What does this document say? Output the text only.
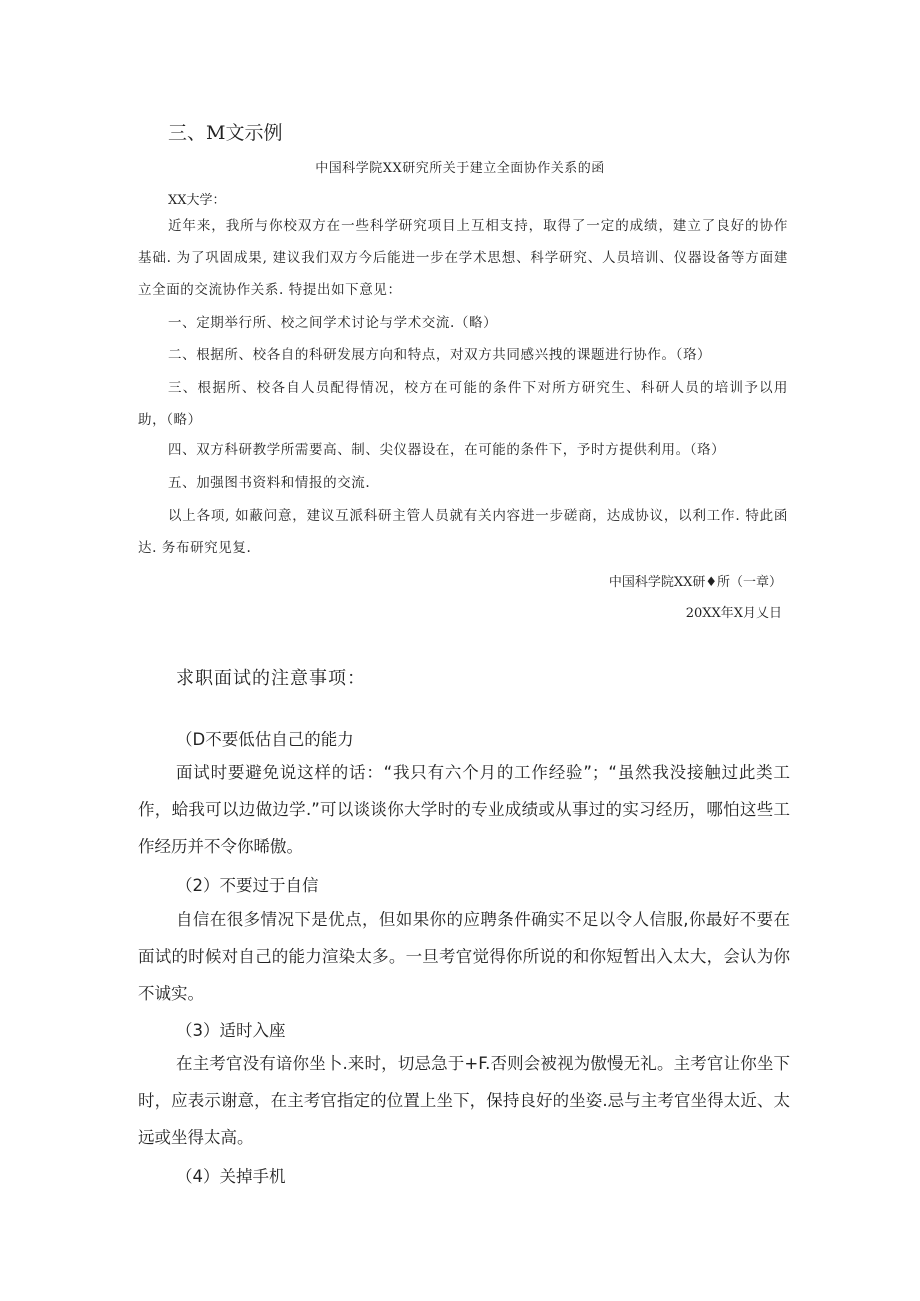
三、M文示例
中国科学院XX研究所关于建立全面协作关系的函
XX大学：

近年来，我所与你校双方在一些科学研究项目上互相支持，取得了一定的成绩，建立了良好的协作基础. 为了巩固成果, 建议我们双方今后能进一步在学术思想、科学研究、人员培训、仪器设备等方面建立全面的交流协作关系. 特提出如下意见：

一、定期举行所、校之间学术讨论与学术交流.（略）

二、根据所、校各自的科研发展方向和特点，对双方共同感兴拽的课题进行协作。（珞）

三、根据所、校各自人员配得情况，校方在可能的条件下对所方研究生、科研人员的培训予以用助，（略）

四、双方科研教学所需要高、制、尖仪器设在，在可能的条件下，予时方提供利用。（珞）

五、加强图书资料和情报的交流.

以上各项, 如蔽问意，建议互派科研主管人员就有关内容进一步磋商，达成协议，以利工作. 特此函达. 务布研究见复.

中国科学院XX研♦所（一章）
20XX年X月乂日
求职面试的注意事项：

（D不要低估自己的能力

面试时要避免说这样的话：“我只有六个月的工作经验”；“虽然我没接触过此类工作，蛤我可以边做边学.”可以谈谈你大学时的专业成绩或从事过的实习经历，哪怕这些工作经历并不令你晞傲。

（2）不要过于自信

自信在很多情况下是优点，但如果你的应聘条件确实不足以令人信服,你最好不要在面试的时候对自己的能力渲染太多。一旦考官觉得你所说的和你短暂出入太大，会认为你不诚实。

（3）适时入座

在主考官没有谙你坐卜.来时，切忌急于+F.否则会被视为傲慢无礼。主考官让你坐下时，应表示谢意，在主考官指定的位置上坐下，保持良好的坐姿.忌与主考官坐得太近、太远或坐得太高。

（4）关掉手机
